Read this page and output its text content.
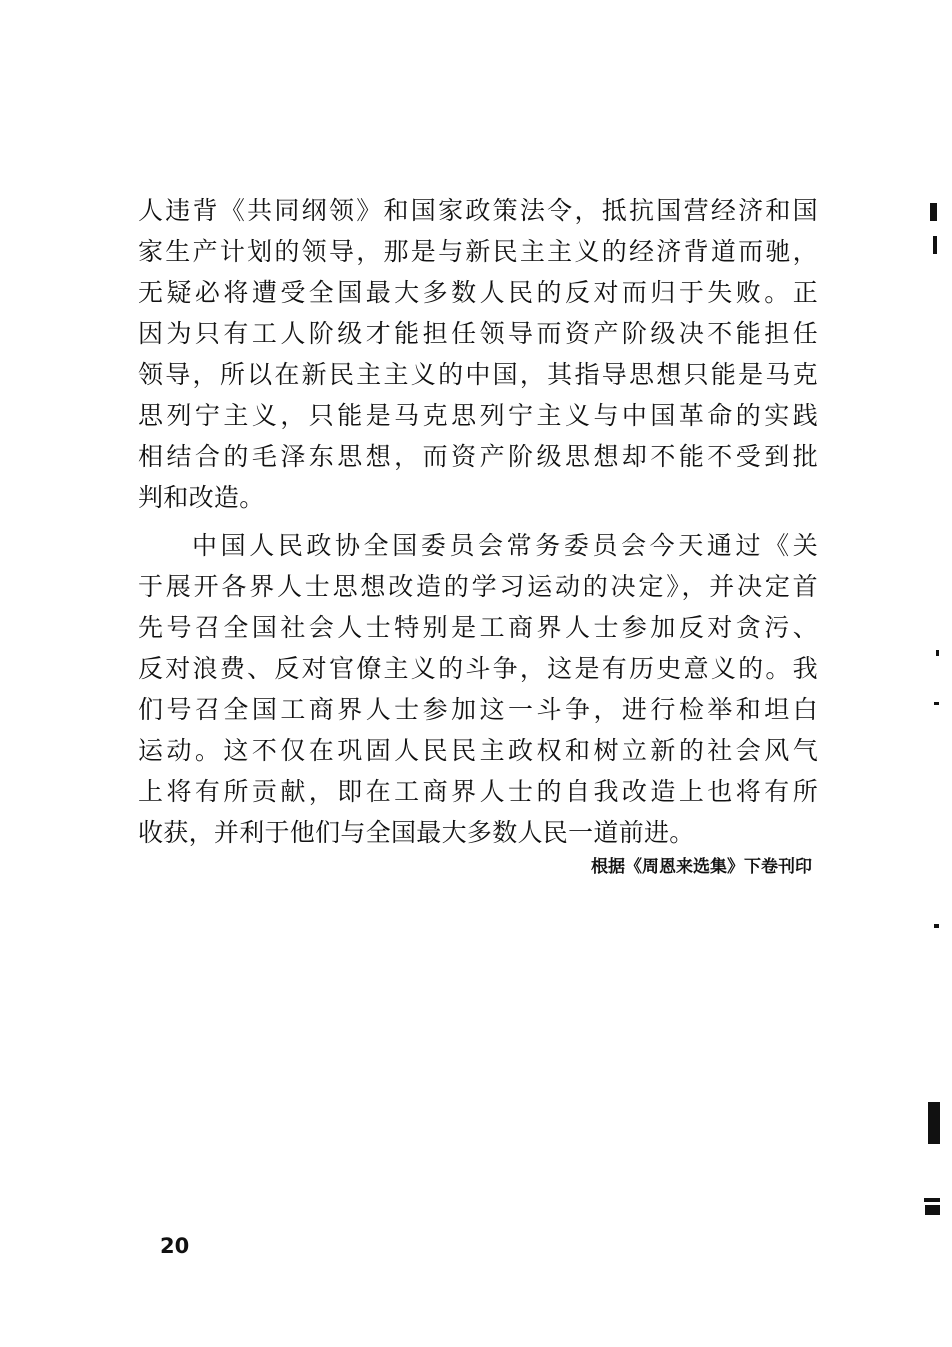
人违背《共同纲领》和国家政策法令，抵抗国营经济和国
家生产计划的领导，那是与新民主主义的经济背道而驰，
无疑必将遭受全国最大多数人民的反对而归于失败。正
因为只有工人阶级才能担任领导而资产阶级决不能担任
领导，所以在新民主主义的中国，其指导思想只能是马克
思列宁主义，只能是马克思列宁主义与中国革命的实践
相结合的毛泽东思想，而资产阶级思想却不能不受到批
判和改造。
中国人民政协全国委员会常务委员会今天通过《关
于展开各界人士思想改造的学习运动的决定》，并决定首
先号召全国社会人士特别是工商界人士参加反对贪污、
反对浪费、反对官僚主义的斗争，这是有历史意义的。我
们号召全国工商界人士参加这一斗争，进行检举和坦白
运动。这不仅在巩固人民民主政权和树立新的社会风气
上将有所贡献，即在工商界人士的自我改造上也将有所
收获，并利于他们与全国最大多数人民一道前进。
根据《周恩来选集》下卷刊印
20
